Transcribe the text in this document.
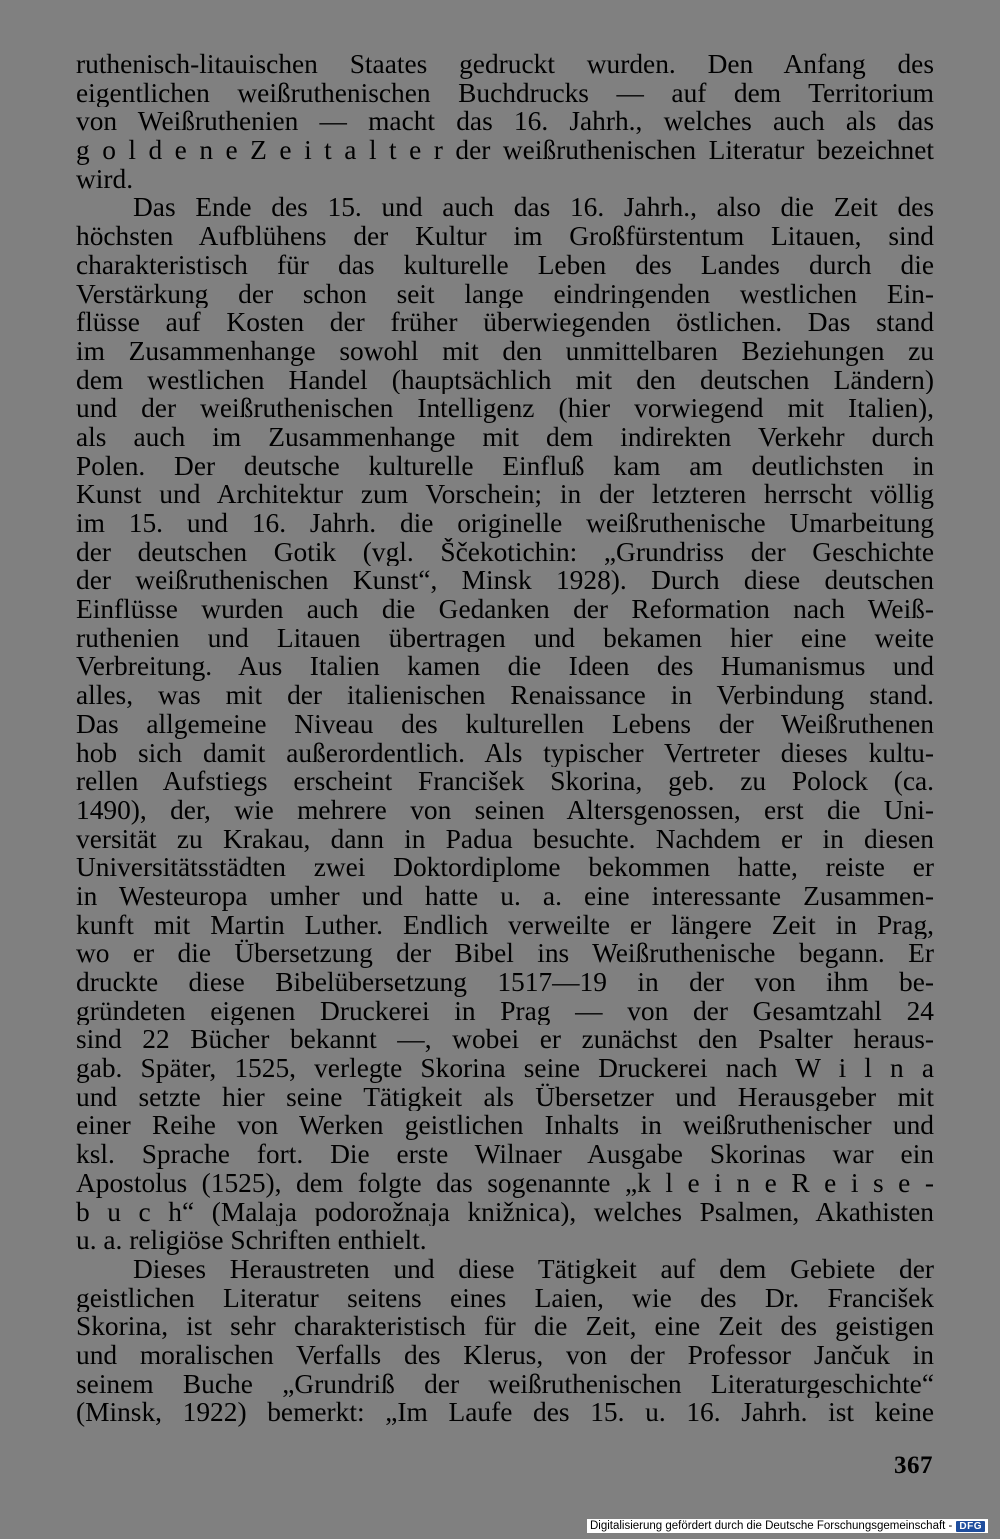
ruthenisch-litauischen Staates gedruckt wurden. Den Anfang des
eigentlichen weißruthenischen Buchdrucks — auf dem Territorium
von Weißruthenien — macht das 16. Jahrh., welches auch als das
g o l d e n e Z e i t a l t e r der weißruthenischen Literatur bezeichnet
wird.
Das Ende des 15. und auch das 16. Jahrh., also die Zeit des
höchsten Aufblühens der Kultur im Großfürstentum Litauen, sind
charakteristisch für das kulturelle Leben des Landes durch die
Verstärkung der schon seit lange eindringenden westlichen Ein-
flüsse auf Kosten der früher überwiegenden östlichen. Das stand
im Zusammenhange sowohl mit den unmittelbaren Beziehungen zu
dem westlichen Handel (hauptsächlich mit den deutschen Ländern)
und der weißruthenischen Intelligenz (hier vorwiegend mit Italien),
als auch im Zusammenhange mit dem indirekten Verkehr durch
Polen. Der deutsche kulturelle Einfluß kam am deutlichsten in
Kunst und Architektur zum Vorschein; in der letzteren herrscht völlig
im 15. und 16. Jahrh. die originelle weißruthenische Umarbeitung
der deutschen Gotik (vgl. Ščekotichin: „Grundriss der Geschichte
der weißruthenischen Kunst“, Minsk 1928). Durch diese deutschen
Einflüsse wurden auch die Gedanken der Reformation nach Weiß-
ruthenien und Litauen übertragen und bekamen hier eine weite
Verbreitung. Aus Italien kamen die Ideen des Humanismus und
alles, was mit der italienischen Renaissance in Verbindung stand.
Das allgemeine Niveau des kulturellen Lebens der Weißruthenen
hob sich damit außerordentlich. Als typischer Vertreter dieses kultu-
rellen Aufstiegs erscheint Francišek Skorina, geb. zu Polock (ca.
1490), der, wie mehrere von seinen Altersgenossen, erst die Uni-
versität zu Krakau, dann in Padua besuchte. Nachdem er in diesen
Universitätsstädten zwei Doktordiplome bekommen hatte, reiste er
in Westeuropa umher und hatte u. a. eine interessante Zusammen-
kunft mit Martin Luther. Endlich verweilte er längere Zeit in Prag,
wo er die Übersetzung der Bibel ins Weißruthenische begann. Er
druckte diese Bibelübersetzung 1517—19 in der von ihm be-
gründeten eigenen Druckerei in Prag — von der Gesamtzahl 24
sind 22 Bücher bekannt —, wobei er zunächst den Psalter heraus-
gab. Später, 1525, verlegte Skorina seine Druckerei nach W i l n a
und setzte hier seine Tätigkeit als Übersetzer und Herausgeber mit
einer Reihe von Werken geistlichen Inhalts in weißruthenischer und
ksl. Sprache fort. Die erste Wilnaer Ausgabe Skorinas war ein
Apostolus (1525), dem folgte das sogenannte „k l e i n e R e i s e -
b u c h“ (Malaja podorožnaja knižnica), welches Psalmen, Akathisten
u. a. religiöse Schriften enthielt.
Dieses Heraustreten und diese Tätigkeit auf dem Gebiete der
geistlichen Literatur seitens eines Laien, wie des Dr. Francišek
Skorina, ist sehr charakteristisch für die Zeit, eine Zeit des geistigen
und moralischen Verfalls des Klerus, von der Professor Jančuk in
seinem Buche „Grundriß der weißruthenischen Literaturgeschichte“
(Minsk, 1922) bemerkt: „Im Laufe des 15. u. 16. Jahrh. ist keine
367
Digitalisierung gefördert durch die Deutsche Forschungsgemeinschaft - DFG
